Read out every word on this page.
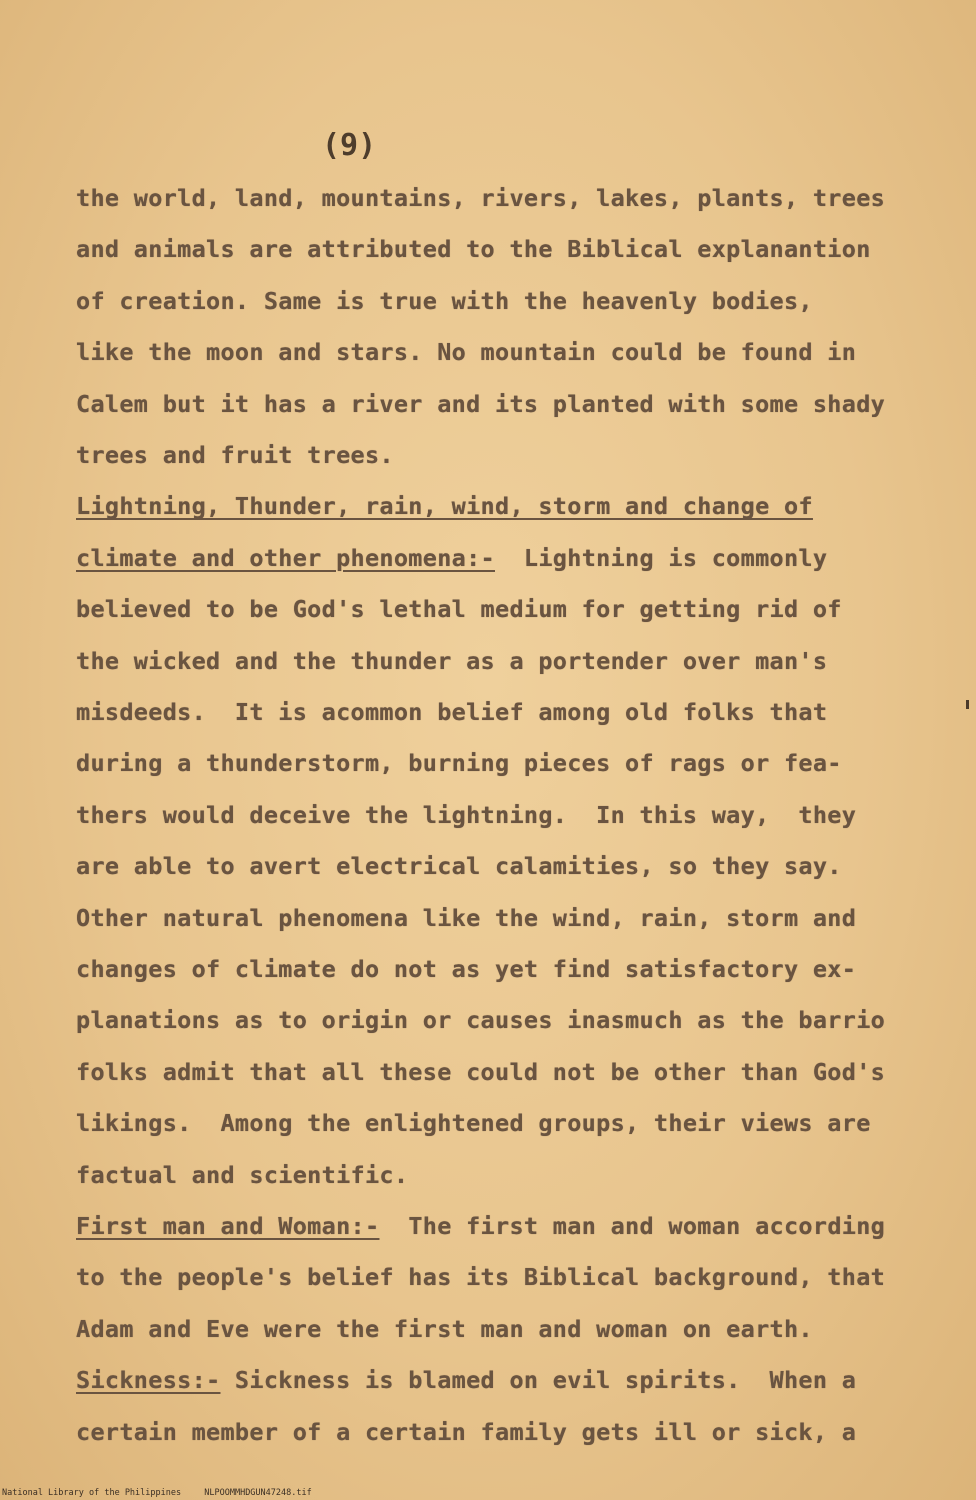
(9)
the world, land, mountains, rivers, lakes, plants, trees
and animals are attributed to the Biblical explanantion
of creation. Same is true with the heavenly bodies,
like the moon and stars. No mountain could be found in
Calem but it has a river and its planted with some shady
trees and fruit trees.
Lightning, Thunder, rain, wind, storm and change of
climate and other phenomena:-  Lightning is commonly
believed to be God's lethal medium for getting rid of
the wicked and the thunder as a portender over man's
misdeeds.  It is acommon belief among old folks that
during a thunderstorm, burning pieces of rags or fea-
thers would deceive the lightning.  In this way,  they
are able to avert electrical calamities, so they say.
Other natural phenomena like the wind, rain, storm and
changes of climate do not as yet find satisfactory ex-
planations as to origin or causes inasmuch as the barrio
folks admit that all these could not be other than God's
likings.  Among the enlightened groups, their views are
factual and scientific.
First man and Woman:-  The first man and woman according
to the people's belief has its Biblical background, that
Adam and Eve were the first man and woman on earth.
Sickness:- Sickness is blamed on evil spirits.  When a
certain member of a certain family gets ill or sick, a
National Library of the Philippines	NLPOOMMHDGUN47248.tif
